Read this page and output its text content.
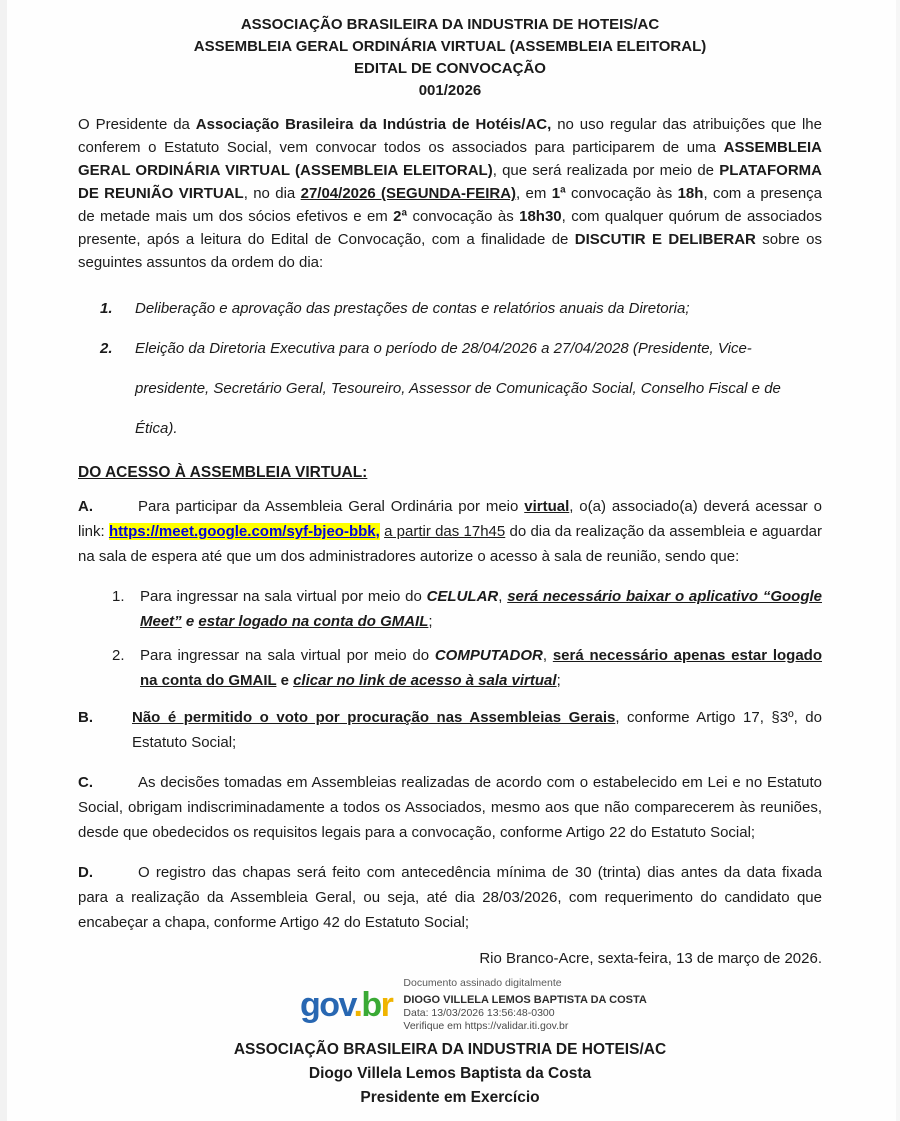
ASSOCIAÇÃO BRASILEIRA DA INDUSTRIA DE HOTEIS/AC
ASSEMBLEIA GERAL ORDINÁRIA VIRTUAL (ASSEMBLEIA ELEITORAL)
EDITAL DE CONVOCAÇÃO
001/2026

O Presidente da Associação Brasileira da Indústria de Hotéis/AC, no uso regular das atribuições que lhe conferem o Estatuto Social, vem convocar todos os associados para participarem de uma ASSEMBLEIA GERAL ORDINÁRIA VIRTUAL (ASSEMBLEIA ELEITORAL), que será realizada por meio de PLATAFORMA DE REUNIÃO VIRTUAL, no dia 27/04/2026 (SEGUNDA-FEIRA), em 1ª convocação às 18h, com a presença de metade mais um dos sócios efetivos e em 2ª convocação às 18h30, com qualquer quórum de associados presente, após a leitura do Edital de Convocação, com a finalidade de DISCUTIR E DELIBERAR sobre os seguintes assuntos da ordem do dia:

1. Deliberação e aprovação das prestações de contas e relatórios anuais da Diretoria;
2. Eleição da Diretoria Executiva para o período de 28/04/2026 a 27/04/2028 (Presidente, Vice-presidente, Secretário Geral, Tesoureiro, Assessor de Comunicação Social, Conselho Fiscal e de Ética).
DO ACESSO À ASSEMBLEIA VIRTUAL:

A.	Para participar da Assembleia Geral Ordinária por meio virtual, o(a) associado(a) deverá acessar o link: https://meet.google.com/syf-bjeo-bbk, a partir das 17h45 do dia da realização da assembleia e aguardar na sala de espera até que um dos administradores autorize o acesso à sala de reunião, sendo que:

1. Para ingressar na sala virtual por meio do CELULAR, será necessário baixar o aplicativo “Google Meet” e estar logado na conta do GMAIL;
2. Para ingressar na sala virtual por meio do COMPUTADOR, será necessário apenas estar logado na conta do GMAIL e clicar no link de acesso à sala virtual;

B.	Não é permitido o voto por procuração nas Assembleias Gerais, conforme Artigo 17, §3º, do Estatuto Social;

C.	As decisões tomadas em Assembleias realizadas de acordo com o estabelecido em Lei e no Estatuto Social, obrigam indiscriminadamente a todos os Associados, mesmo aos que não comparecerem às reuniões, desde que obedecidos os requisitos legais para a convocação, conforme Artigo 22 do Estatuto Social;

D.	O registro das chapas será feito com antecedência mínima de 30 (trinta) dias antes da data fixada para a realização da Assembleia Geral, ou seja, até dia 28/03/2026, com requerimento do candidato que encabeçar a chapa, conforme Artigo 42 do Estatuto Social;

Rio Branco-Acre, sexta-feira, 13 de março de 2026.
gov.br
Documento assinado digitalmente
DIOGO VILLELA LEMOS BAPTISTA DA COSTA
Data: 13/03/2026 13:56:48-0300
Verifique em https://validar.iti.gov.br
ASSOCIAÇÃO BRASILEIRA DA INDUSTRIA DE HOTEIS/AC
Diogo Villela Lemos Baptista da Costa
Presidente em Exercício
